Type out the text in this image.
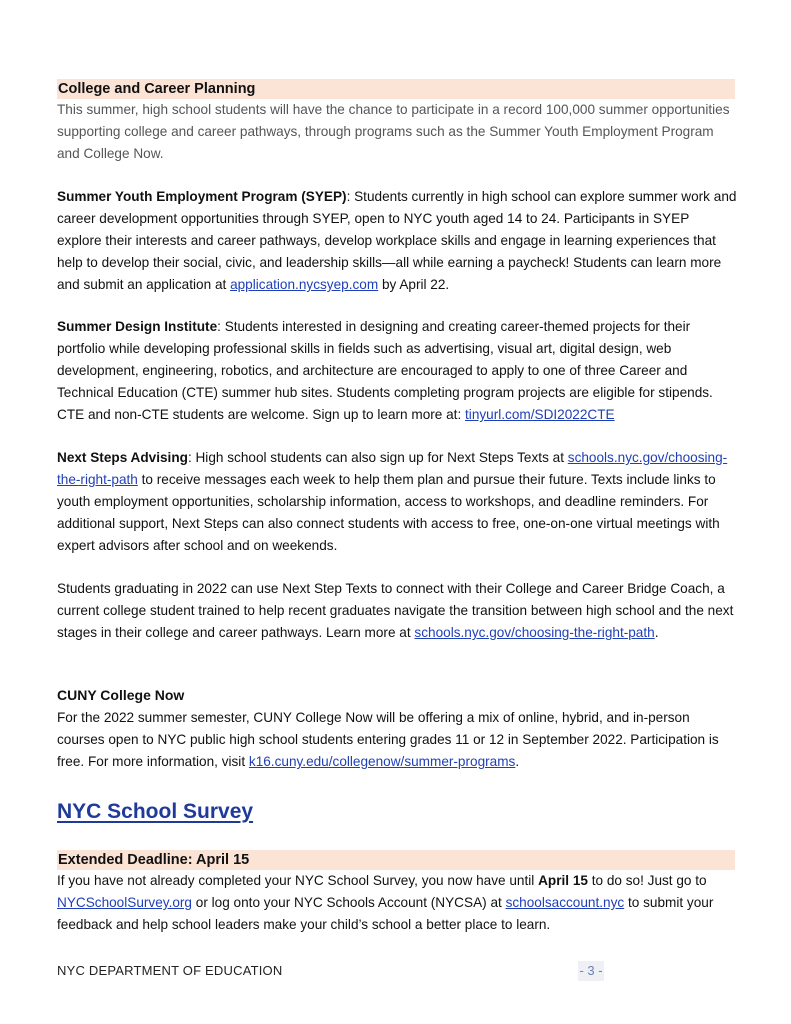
College and Career Planning

This summer, high school students will have the chance to participate in a record 100,000 summer opportunities supporting college and career pathways, through programs such as the Summer Youth Employment Program and College Now.

Summer Youth Employment Program (SYEP): Students currently in high school can explore summer work and career development opportunities through SYEP, open to NYC youth aged 14 to 24. Participants in SYEP explore their interests and career pathways, develop workplace skills and engage in learning experiences that help to develop their social, civic, and leadership skills—all while earning a paycheck! Students can learn more and submit an application at application.nycsyep.com by April 22.

Summer Design Institute: Students interested in designing and creating career-themed projects for their portfolio while developing professional skills in fields such as advertising, visual art, digital design, web development, engineering, robotics, and architecture are encouraged to apply to one of three Career and Technical Education (CTE) summer hub sites. Students completing program projects are eligible for stipends. CTE and non-CTE students are welcome. Sign up to learn more at: tinyurl.com/SDI2022CTE

Next Steps Advising: High school students can also sign up for Next Steps Texts at schools.nyc.gov/choosing-the-right-path to receive messages each week to help them plan and pursue their future. Texts include links to youth employment opportunities, scholarship information, access to workshops, and deadline reminders. For additional support, Next Steps can also connect students with access to free, one-on-one virtual meetings with expert advisors after school and on weekends.

Students graduating in 2022 can use Next Step Texts to connect with their College and Career Bridge Coach, a current college student trained to help recent graduates navigate the transition between high school and the next stages in their college and career pathways. Learn more at schools.nyc.gov/choosing-the-right-path.

CUNY College Now

For the 2022 summer semester, CUNY College Now will be offering a mix of online, hybrid, and in-person courses open to NYC public high school students entering grades 11 or 12 in September 2022. Participation is free. For more information, visit k16.cuny.edu/collegenow/summer-programs.

NYC School Survey
Extended Deadline: April 15

If you have not already completed your NYC School Survey, you now have until April 15 to do so! Just go to NYCSchoolSurvey.org or log onto your NYC Schools Account (NYCSA) at schoolsaccount.nyc to submit your feedback and help school leaders make your child’s school a better place to learn.

NYC DEPARTMENT OF EDUCATION	- 3 -
